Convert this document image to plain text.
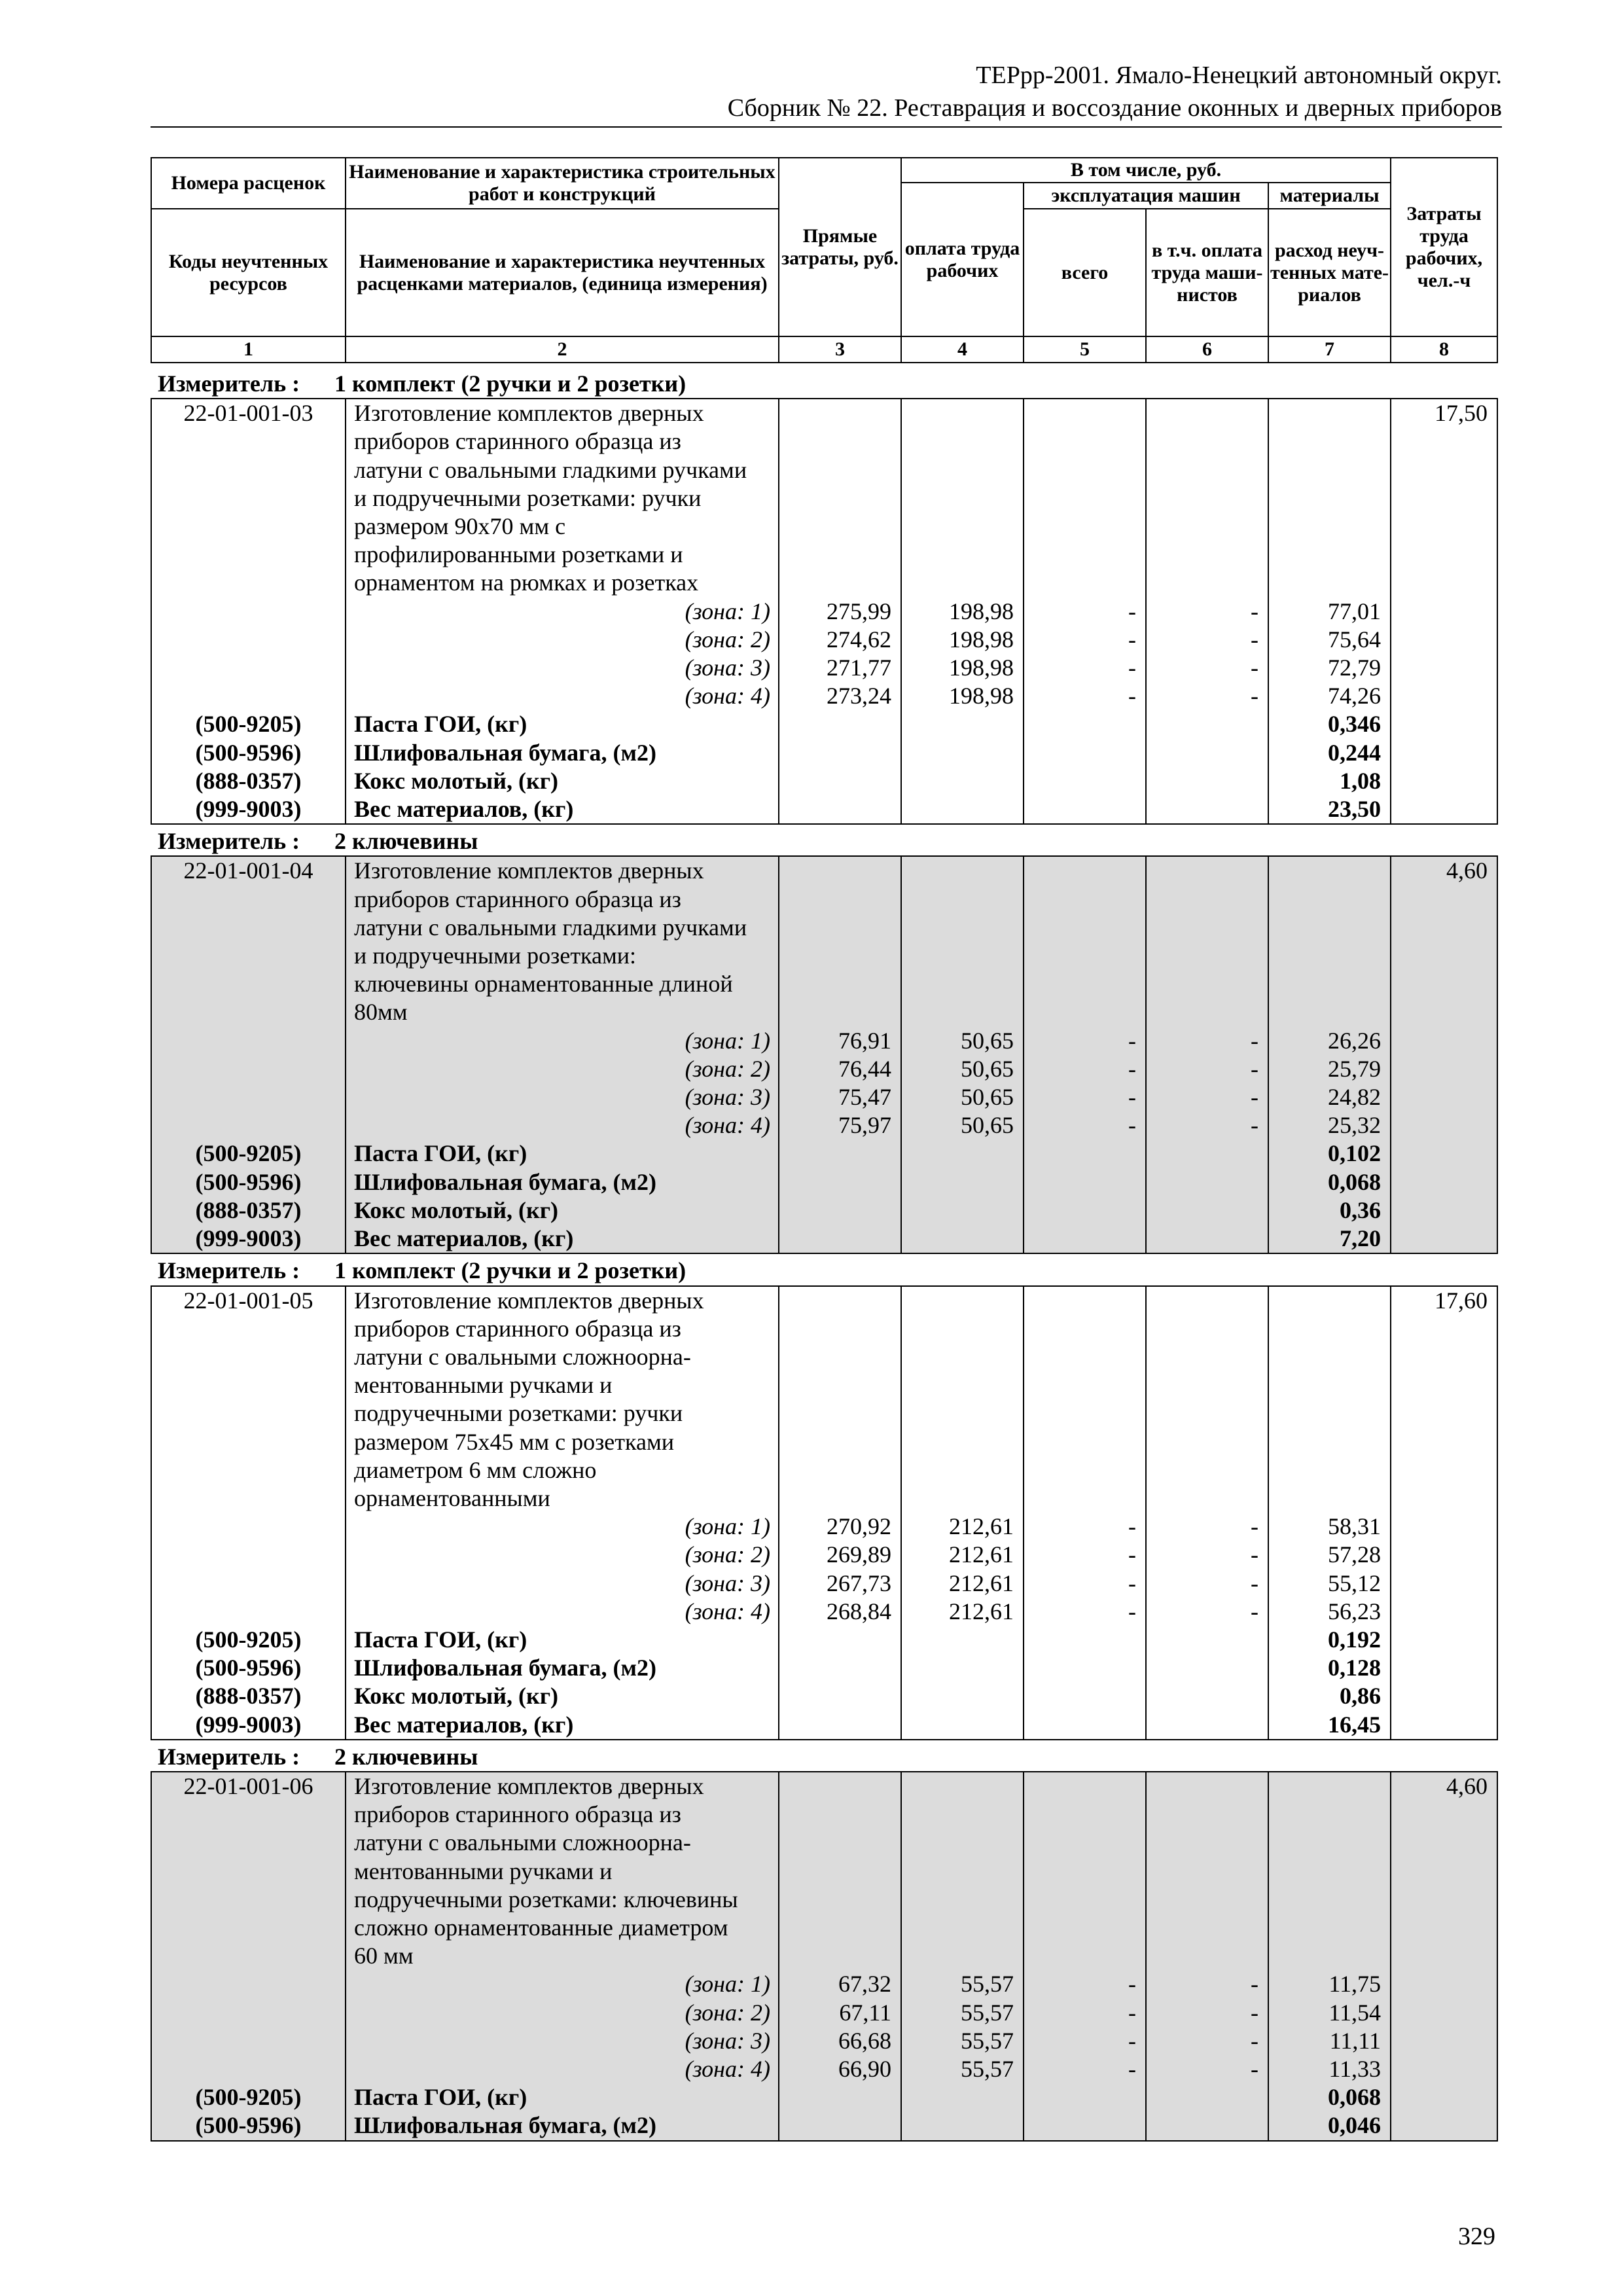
ТЕРрр-2001. Ямало-Ненецкий автономный округ.
Сборник № 22. Реставрация и воссоздание оконных и дверных приборов
Номера расценок	Наименование и характеристика строительных работ и конструкций	Прямые затраты, руб.	В том числе, руб.				Затраты труда рабочих, чел.-ч
			оплата труда рабочих	эксплуатация машин		материалы	
Коды неучтенных ресурсов	Наименование и характеристика неучтенных расценками материалов, (единица измерения)			всего	в т.ч. оплата труда маши-нистов	расход неуч-тенных мате-риалов	

1	2	3	4	5	6	7	8
Измеритель : 1 комплект (2 ручки и 2 розетки)							
22-01-001-03	Изготовление комплектов дверных						17,50
	приборов старинного образца из						
	латуни с овальными гладкими ручками						
	и подручечными розетками: ручки						
	размером 90х70 мм с						
	профилированными розетками и						
	орнаментом на рюмках и розетках						
	(зона: 1)	275,99	198,98	-	-	77,01	
	(зона: 2)	274,62	198,98	-	-	75,64	
	(зона: 3)	271,77	198,98	-	-	72,79	
	(зона: 4)	273,24	198,98	-	-	74,26	
(500-9205)	Паста ГОИ, (кг)					0,346	
(500-9596)	Шлифовальная бумага, (м2)					0,244	
(888-0357)	Кокс молотый, (кг)					1,08	
(999-9003)	Вес материалов, (кг)					23,50	
Измеритель : 2 ключевины							
22-01-001-04	Изготовление комплектов дверных						4,60
	приборов старинного образца из						
	латуни с овальными гладкими ручками						
	и подручечными розетками:						
	ключевины орнаментованные длиной						
	80мм						
	(зона: 1)	76,91	50,65	-	-	26,26	
	(зона: 2)	76,44	50,65	-	-	25,79	
	(зона: 3)	75,47	50,65	-	-	24,82	
	(зона: 4)	75,97	50,65	-	-	25,32	
(500-9205)	Паста ГОИ, (кг)					0,102	
(500-9596)	Шлифовальная бумага, (м2)					0,068	
(888-0357)	Кокс молотый, (кг)					0,36	
(999-9003)	Вес материалов, (кг)					7,20	
Измеритель : 1 комплект (2 ручки и 2 розетки)							
22-01-001-05	Изготовление комплектов дверных						17,60
	приборов старинного образца из						
	латуни с овальными сложноорна-						
	ментованными ручками и						
	подручечными розетками: ручки						
	размером 75х45 мм с розетками						
	диаметром 6 мм сложно						
	орнаментованными						
	(зона: 1)	270,92	212,61	-	-	58,31	
	(зона: 2)	269,89	212,61	-	-	57,28	
	(зона: 3)	267,73	212,61	-	-	55,12	
	(зона: 4)	268,84	212,61	-	-	56,23	
(500-9205)	Паста ГОИ, (кг)					0,192	
(500-9596)	Шлифовальная бумага, (м2)					0,128	
(888-0357)	Кокс молотый, (кг)					0,86	
(999-9003)	Вес материалов, (кг)					16,45	
Измеритель : 2 ключевины							
22-01-001-06	Изготовление комплектов дверных						4,60
	приборов старинного образца из						
	латуни с овальными сложноорна-						
	ментованными ручками и						
	подручечными розетками: ключевины						
	сложно орнаментованные диаметром						
	60 мм						
	(зона: 1)	67,32	55,57	-	-	11,75	
	(зона: 2)	67,11	55,57	-	-	11,54	
	(зона: 3)	66,68	55,57	-	-	11,11	
	(зона: 4)	66,90	55,57	-	-	11,33	
(500-9205)	Паста ГОИ, (кг)					0,068	
(500-9596)	Шлифовальная бумага, (м2)					0,046	
329
